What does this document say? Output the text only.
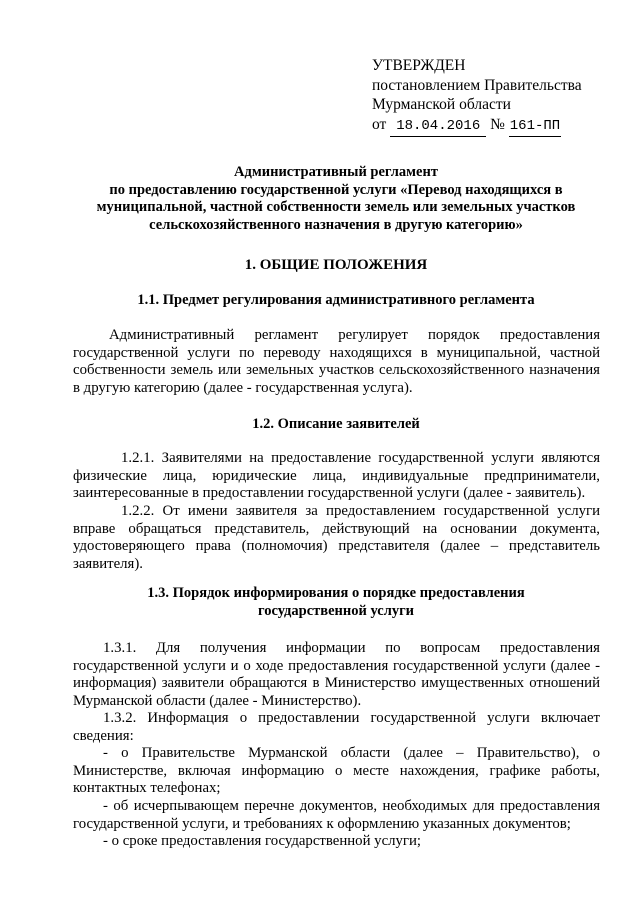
УТВЕРЖДЕН
постановлением Правительства
Мурманской области
от 18.04.2016 № 161-ПП
Административный регламент
по предоставлению государственной услуги «Перевод находящихся в
муниципальной, частной собственности земель или земельных участков
сельскохозяйственного назначения в другую категорию»
1. ОБЩИЕ ПОЛОЖЕНИЯ
1.1. Предмет регулирования административного регламента
Административный регламент регулирует порядок предоставления государственной услуги по переводу находящихся в муниципальной, частной собственности земель или земельных участков сельскохозяйственного назначения в другую категорию (далее - государственная услуга).
1.2. Описание заявителей
1.2.1. Заявителями на предоставление государственной услуги являются физические лица, юридические лица, индивидуальные предприниматели, заинтересованные в предоставлении государственной услуги (далее - заявитель).
1.2.2. От имени заявителя за предоставлением государственной услуги вправе обращаться представитель, действующий на основании документа, удостоверяющего права (полномочия) представителя (далее – представитель заявителя).
1.3. Порядок информирования о порядке предоставления
государственной услуги
1.3.1. Для получения информации по вопросам предоставления государственной услуги и о ходе предоставления государственной услуги (далее - информация) заявители обращаются в Министерство имущественных отношений Мурманской области (далее - Министерство).
1.3.2. Информация о предоставлении государственной услуги включает сведения:
- о Правительстве Мурманской области (далее – Правительство), о Министерстве, включая информацию о месте нахождения, графике работы, контактных телефонах;
- об исчерпывающем перечне документов, необходимых для предоставления государственной услуги, и требованиях к оформлению указанных документов;
- о сроке предоставления государственной услуги;
